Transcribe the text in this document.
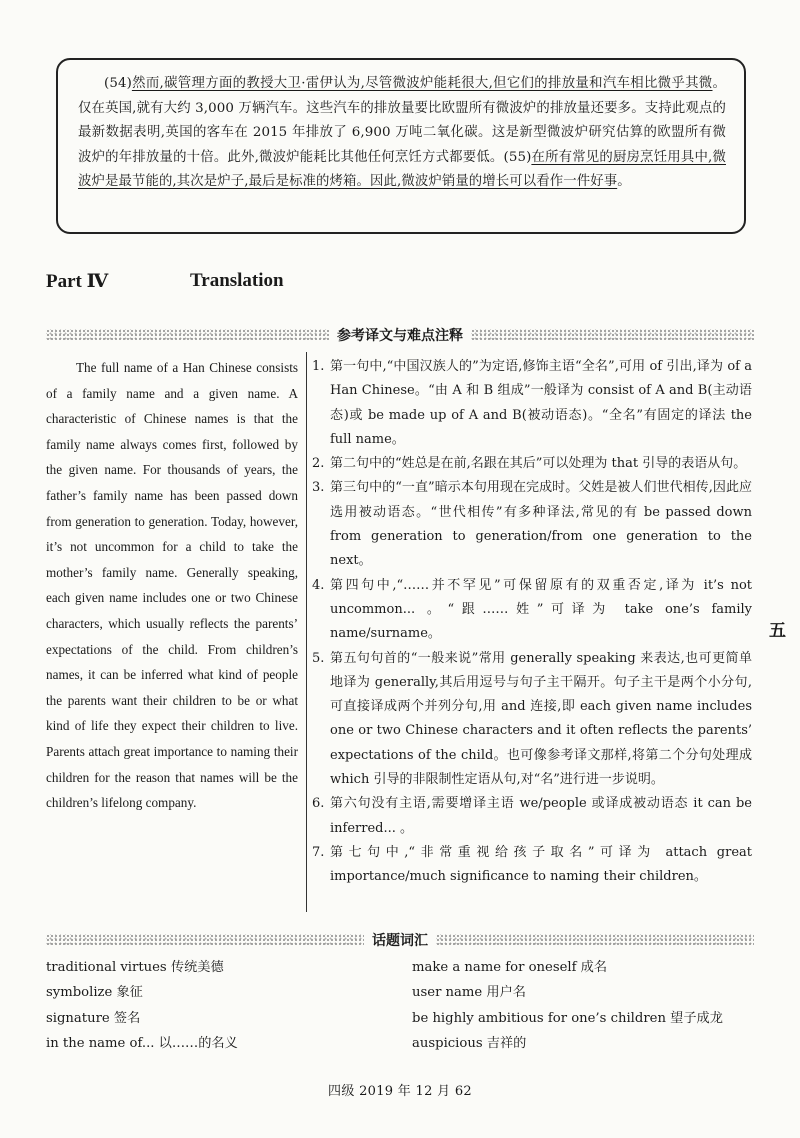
(54)然而,碳管理方面的教授大卫·雷伊认为,尽管微波炉能耗很大,但它们的排放量和汽车相比微乎其微。仅在英国,就有大约 3,000 万辆汽车。这些汽车的排放量要比欧盟所有微波炉的排放量还要多。支持此观点的最新数据表明,英国的客车在 2015 年排放了 6,900 万吨二氧化碳。这是新型微波炉研究估算的欧盟所有微波炉的年排放量的十倍。此外,微波炉能耗比其他任何烹饪方式都要低。(55)在所有常见的厨房烹饪用具中,微波炉是最节能的,其次是炉子,最后是标准的烤箱。因此,微波炉销量的增长可以看作一件好事。

Part Ⅳ	Translation
参考译文与难点注释

The full name of a Han Chinese consists of a family name and a given name. A characteristic of Chinese names is that the family name always comes first, followed by the given name. For thousands of years, the father’s family name has been passed down from generation to generation. Today, however, it’s not uncommon for a child to take the mother’s family name. Generally speaking, each given name includes one or two Chinese characters, which usually reflects the parents’ expectations of the child. From children’s names, it can be inferred what kind of people the parents want their children to be or what kind of life they expect their children to live. Parents attach great importance to naming their children for the reason that names will be the children’s lifelong company.

1. 第一句中,“中国汉族人的”为定语,修饰主语“全名”,可用 of 引出,译为 of a Han Chinese。“由 A 和 B 组成”一般译为 consist of A and B(主动语态)或 be made up of A and B(被动语态)。“全名”有固定的译法 the full name。
2. 第二句中的“姓总是在前,名跟在其后”可以处理为 that 引导的表语从句。
3. 第三句中的“一直”暗示本句用现在完成时。父姓是被人们世代相传,因此应选用被动语态。“世代相传”有多种译法,常见的有 be passed down from generation to generation/from one generation to the next。
4. 第四句中,“……并不罕见”可保留原有的双重否定,译为 it’s not uncommon... 。“跟……姓”可译为 take one’s family name/surname。
5. 第五句句首的“一般来说”常用 generally speaking 来表达,也可更简单地译为 generally,其后用逗号与句子主干隔开。句子主干是两个小分句,可直接译成两个并列分句,用 and 连接,即 each given name includes one or two Chinese characters and it often reflects the parents’ expectations of the child。也可像参考译文那样,将第二个分句处理成 which 引导的非限制性定语从句,对“名”进行进一步说明。
6. 第六句没有主语,需要增译主语 we/people 或译成被动语态 it can be inferred... 。
7. 第七句中,“非常重视给孩子取名”可译为 attach great importance/much significance to naming their children。
五
话题词汇
traditional virtues 传统美德
symbolize 象征
signature 签名
in the name of... 以……的名义
make a name for oneself 成名
user name 用户名
be highly ambitious for one’s children 望子成龙
auspicious 吉祥的
四级 2019 年 12 月 62
